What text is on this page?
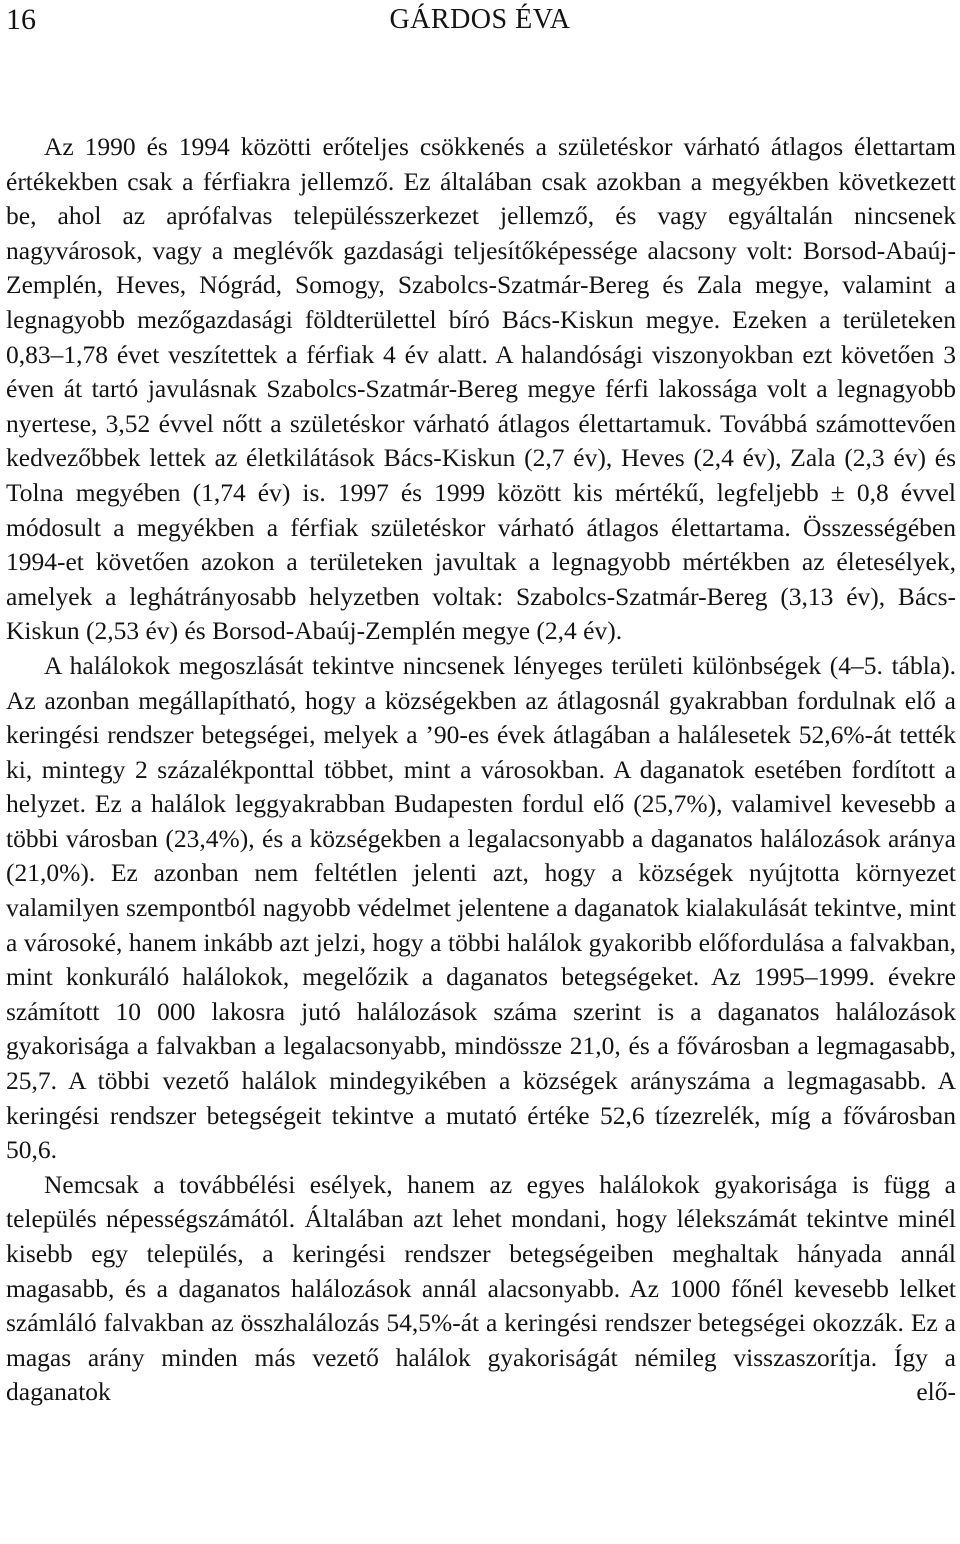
16	GÁRDOS ÉVA

Az 1990 és 1994 közötti erőteljes csökkenés a születéskor várható átlagos élettartam értékekben csak a férfiakra jellemző. Ez általában csak azokban a megyékben következett be, ahol az aprófalvas településszerkezet jellemző, és vagy egyáltalán nincsenek nagyvárosok, vagy a meglévők gazdasági teljesítőképessége alacsony volt: Borsod-Abaúj-Zemplén, Heves, Nógrád, Somogy, Szabolcs-Szatmár-Bereg és Zala megye, valamint a legnagyobb mezőgazdasági földterülettel bíró Bács-Kiskun megye. Ezeken a területeken 0,83–1,78 évet veszítettek a férfiak 4 év alatt. A halandósági viszonyokban ezt követően 3 éven át tartó javulásnak Szabolcs-Szatmár-Bereg megye férfi lakossága volt a legnagyobb nyertese, 3,52 évvel nőtt a születéskor várható átlagos élettartamuk. Továbbá számottevően kedvezőbbek lettek az életkilátások Bács-Kiskun (2,7 év), Heves (2,4 év), Zala (2,3 év) és Tolna megyében (1,74 év) is. 1997 és 1999 között kis mértékű, legfeljebb ± 0,8 évvel módosult a megyékben a férfiak születéskor várható átlagos élettartama. Összességében 1994-et követően azokon a területeken javultak a legnagyobb mértékben az életesélyek, amelyek a leghátrányosabb helyzetben voltak: Szabolcs-Szatmár-Bereg (3,13 év), Bács-Kiskun (2,53 év) és Borsod-Abaúj-Zemplén megye (2,4 év).

A halálokok megoszlását tekintve nincsenek lényeges területi különbségek (4–5. tábla). Az azonban megállapítható, hogy a községekben az átlagosnál gyakrabban fordulnak elő a keringési rendszer betegségei, melyek a ’90-es évek átlagában a halálesetek 52,6%-át tették ki, mintegy 2 százalékponttal többet, mint a városokban. A daganatok esetében fordított a helyzet. Ez a halálok leggyakrabban Budapesten fordul elő (25,7%), valamivel kevesebb a többi városban (23,4%), és a községekben a legalacsonyabb a daganatos halálozások aránya (21,0%). Ez azonban nem feltétlen jelenti azt, hogy a községek nyújtotta környezet valamilyen szempontból nagyobb védelmet jelentene a daganatok kialakulását tekintve, mint a városoké, hanem inkább azt jelzi, hogy a többi halálok gyakoribb előfordulása a falvakban, mint konkuráló halálokok, megelőzik a daganatos betegségeket. Az 1995–1999. évekre számított 10 000 lakosra jutó halálozások száma szerint is a daganatos halálozások gyakorisága a falvakban a legalacsonyabb, mindössze 21,0, és a fővárosban a legmagasabb, 25,7. A többi vezető halálok mindegyikében a községek arányszáma a legmagasabb. A keringési rendszer betegségeit tekintve a mutató értéke 52,6 tízezrelék, míg a fővárosban 50,6.

Nemcsak a továbbélési esélyek, hanem az egyes halálokok gyakorisága is függ a település népességszámától. Általában azt lehet mondani, hogy lélekszámát tekintve minél kisebb egy település, a keringési rendszer betegségeiben meghaltak hányada annál magasabb, és a daganatos halálozások annál alacsonyabb. Az 1000 főnél kevesebb lelket számláló falvakban az összhalálozás 54,5%-át a keringési rendszer betegségei okozzák. Ez a magas arány minden más vezető halálok gyakoriságát némileg visszaszorítja. Így a daganatok elő-
